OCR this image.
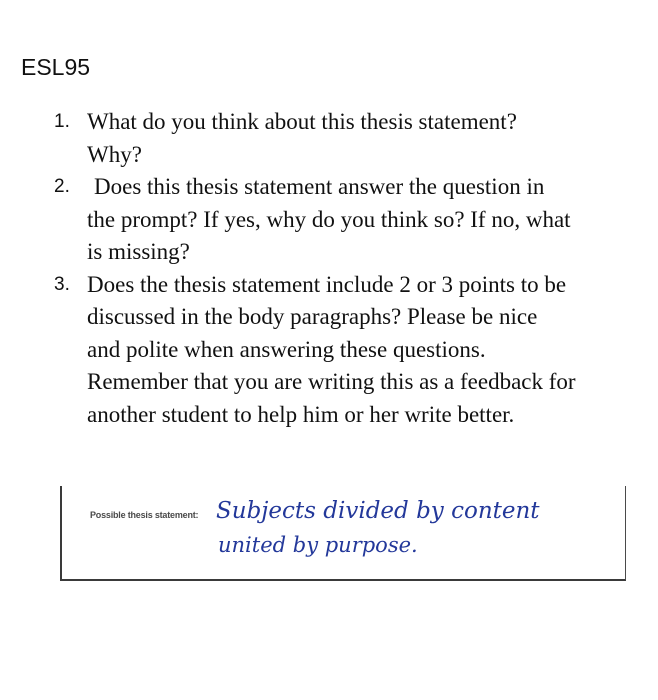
ESL95
1. What do you think about this thesis statement?
Why?
2.	Does this thesis statement answer the question in
the prompt? If yes, why do you think so? If no, what
is missing?
3. Does the thesis statement include 2 or 3 points to be
discussed in the body paragraphs? Please be nice
and polite when answering these questions.
Remember that you are writing this as a feedback for
another student to help him or her write better.
Possible thesis statement: Subjects divided by content
united by purpose.
